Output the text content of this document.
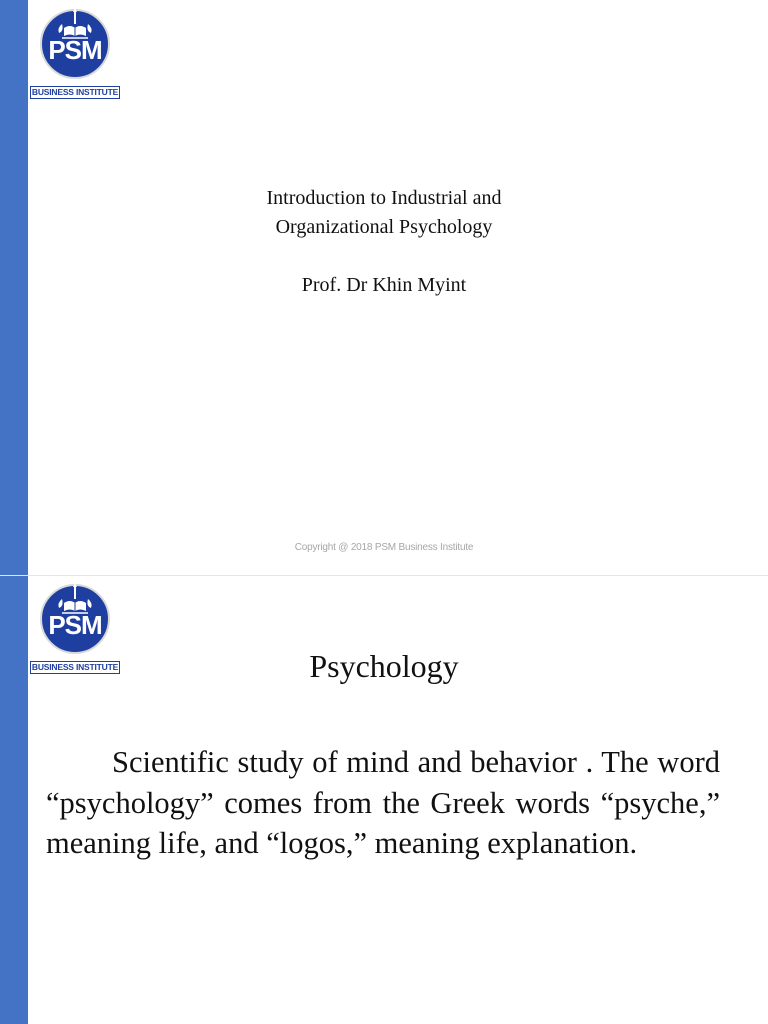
PSM
BUSINESS INSTITUTE
Introduction to Industrial and
Organizational Psychology
Prof. Dr Khin Myint
Copyright @ 2018 PSM Business Institute
PSM
BUSINESS INSTITUTE	Psychology

Scientific study of mind and behavior . The word “psychology” comes from the Greek words “psyche,” meaning life, and “logos,” meaning explanation.
